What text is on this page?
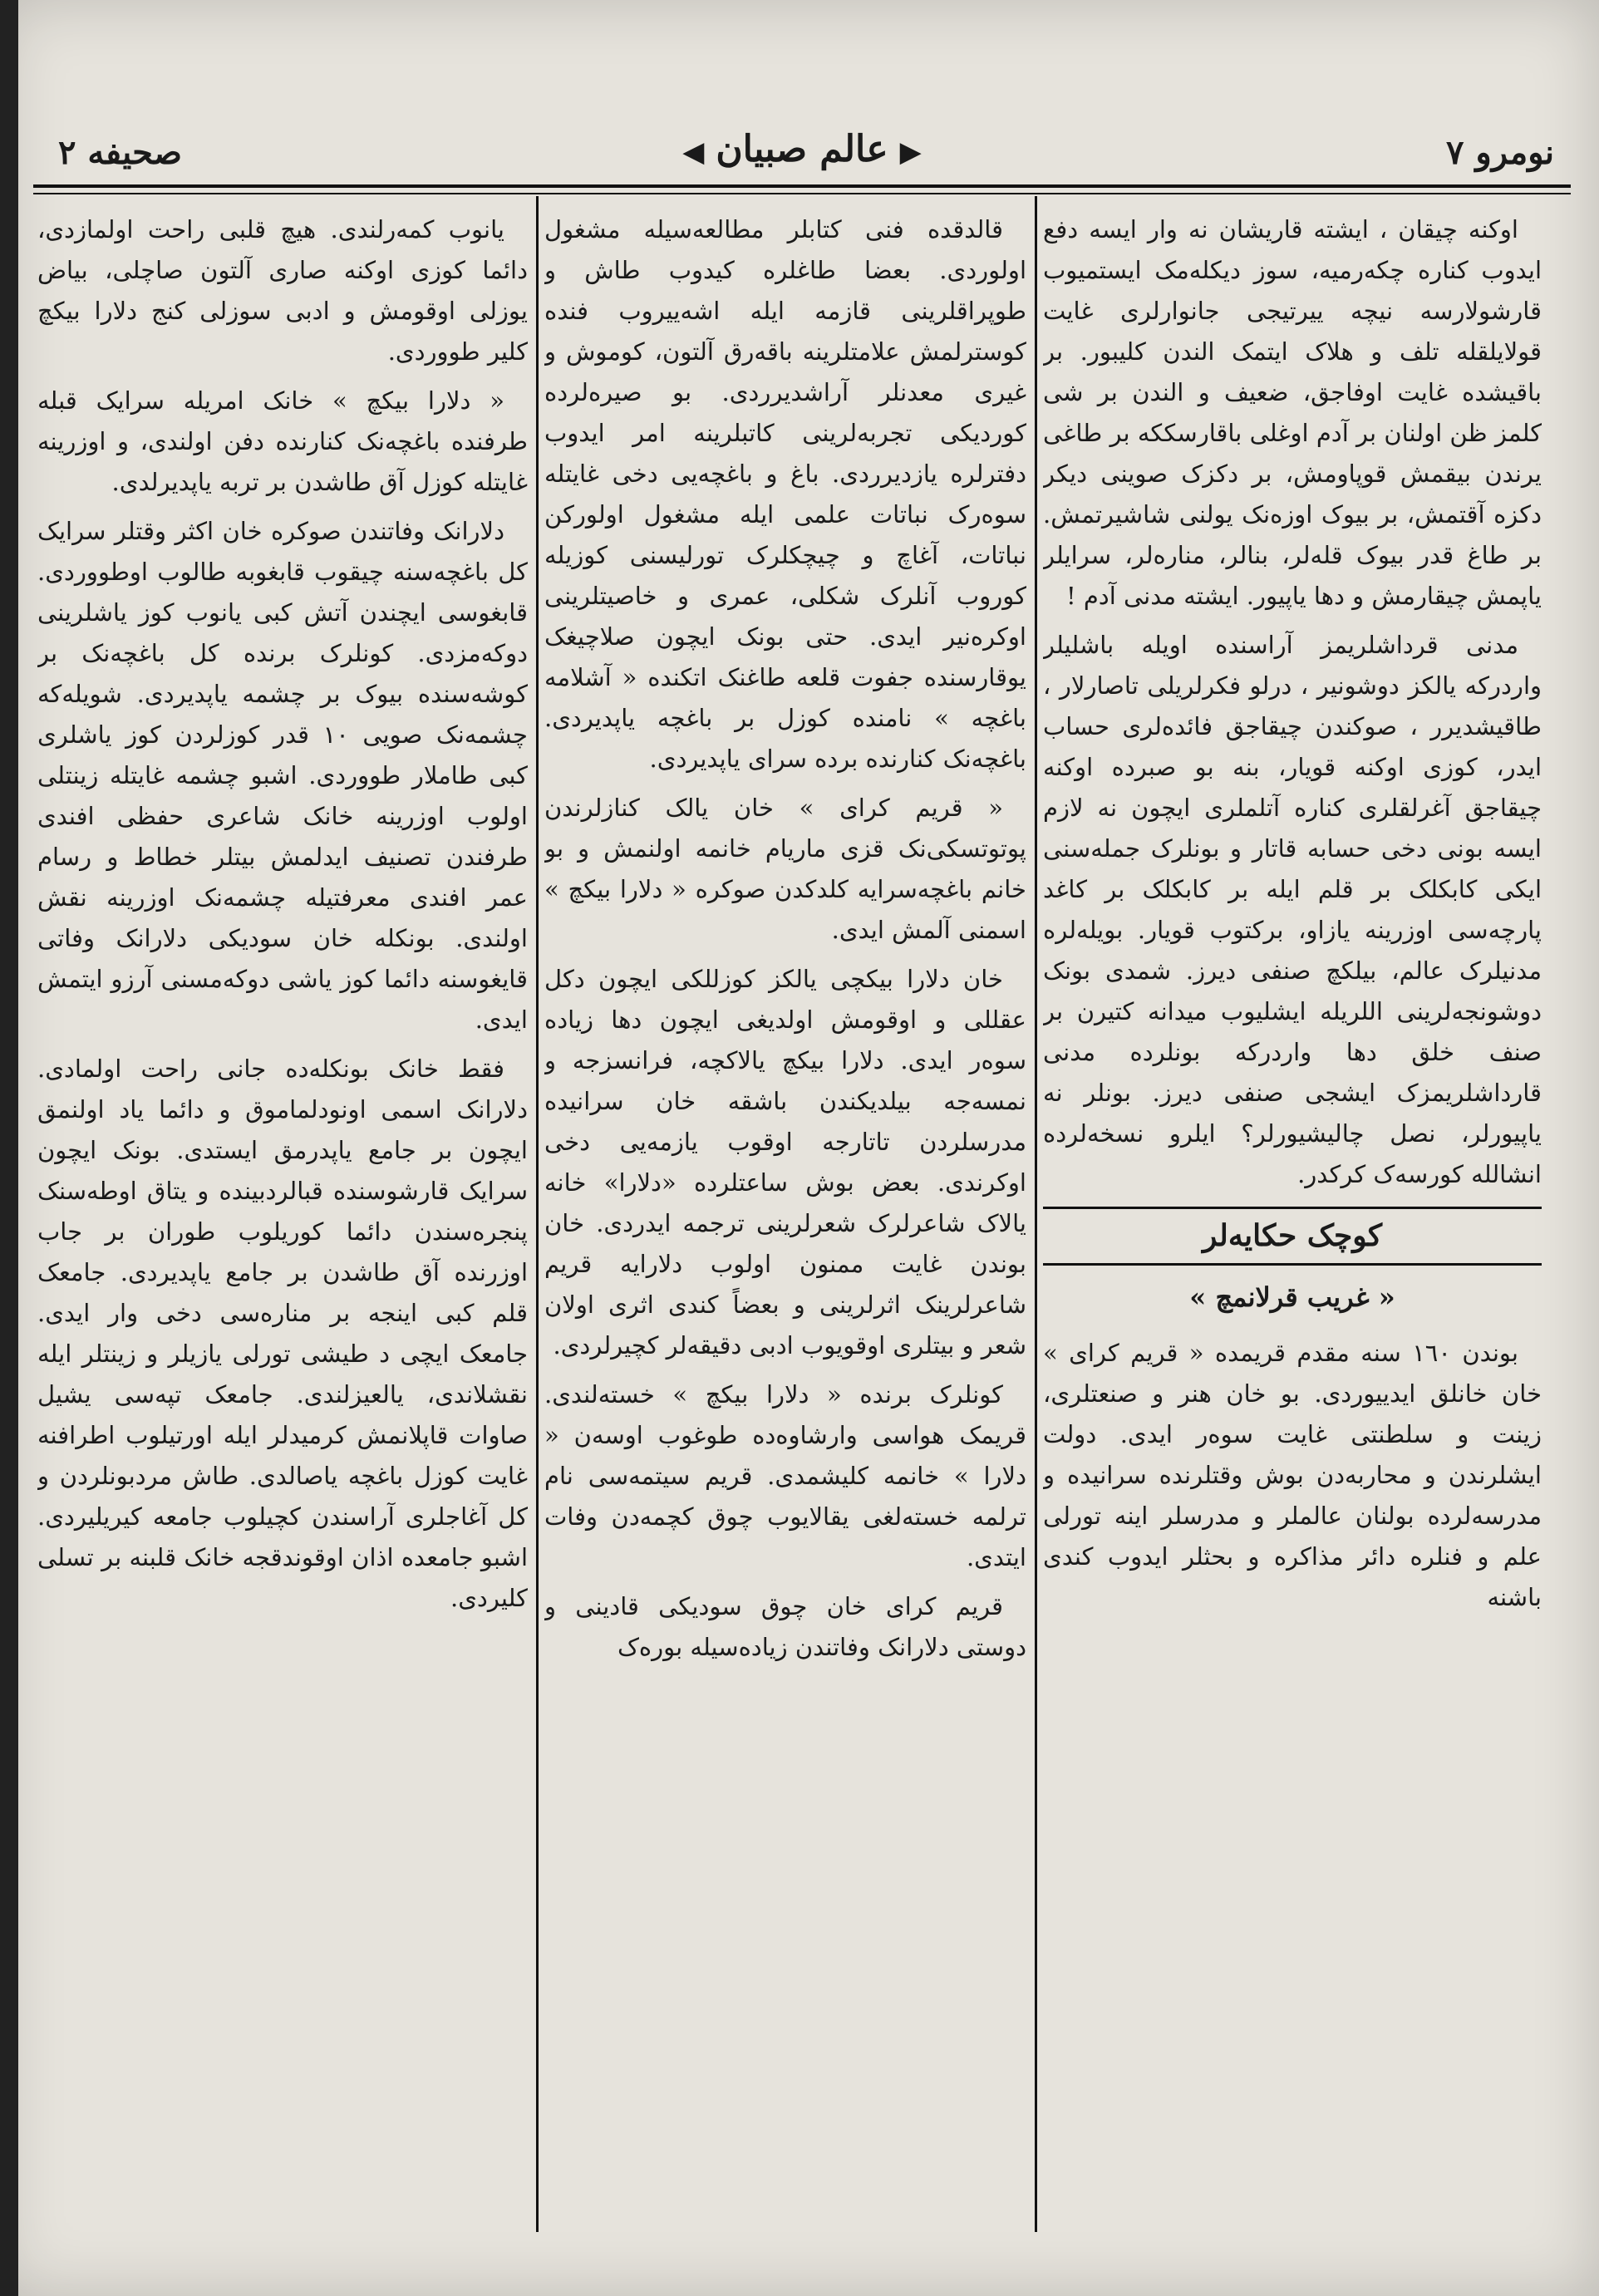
نومرو ۷
▶عالم صبیان◀
صحیفه ۲

اوکنه چیقان ، ایشته قاریشان نه وار ایسه دفع ایدوب کناره چکه‌رمیه، سوز دیکله‌مک ایستمیوب قارشولارسه نیچه ییرتیجی جانوارلری غایت قولایلقله تلف و هلاک ایتمک الندن کلیبور. بر باقیشده غایت اوفاجق، ضعیف و الندن بر شی کلمز ظن اولنان بر آدم اوغلی باقارسککه بر طاغی یرندن بیقمش قوپاومش، بر دکزک صوینی دیکر دکزه آقتمش، بر بیوک اوزه‌نک یولنی شاشیرتمش. بر طاغ قدر بیوک قله‌لر، بنالر، مناره‌لر، سرایلر یاپمش چیقارمش و دها یاپیور. ایشته مدنی آدم !

مدنی قرداشلریمز آراسنده اویله باشلیلر واردرکه یالکز دوشونیر ، درلو فکرلریلی تاصارلار ، طاقیشدیرر ، صوکندن چیقاجق فائده‌لری حساب ایدر، کوزی اوکنه قویار، بنه بو صبرده اوکنه چیقاجق آغرلقلری کناره آتلملری ایچون نه لازم ایسه بونی دخی حسابه قاتار و بونلرک جمله‌سنی ایکی کابکلک بر قلم ایله بر کابکلک بر کاغد پارچه‌سی اوزرینه یازاو، برکتوب قویار. بویله‌لره مدنیلرک عالم، بیلکچ صنفی دیرز. شمدی بونک دوشونجه‌لرینی اللریله ایشلیوب میدانه کتیرن بر صنف خلق دها واردرکه بونلرده مدنی قارداشلریمزک ایشجی صنفی دیرز. بونلر نه یاپیورلر، نصل چالیشیورلر؟ ایلرو نسخه‌لرده انشالله کورسه‌ک کرکدر.

کوچک حکایه‌لر
« غریب قرلانمچ »

بوندن ۱٦۰ سنه مقدم قریمده « قریم کرای » خان خانلق ایدییوردی. بو خان هنر و صنعتلری، زینت و سلطنتی غایت سوه‌ر ایدی. دولت ایشلرندن و محاربه‌دن بوش وقتلرنده سرانیده و مدرسه‌لرده بولنان عالملر و مدرسلر اینه تورلی علم و فنلره دائر مذاکره و بحثلر ایدوب کندی باشنه

قالدقده فنی کتابلر مطالعه‌سیله مشغول اولوردی. بعضا طاغلره کیدوب طاش و طوپراقلرینی قازمه ایله اشه‌ییروب فنده کوسترلمش علامتلرینه باقه‌رق آلتون، کوموش و غیری معدنلر آراشدیرردی. بو صیره‌لرده کوردیکی تجربه‌لرینی کاتبلرینه امر ایدوب دفترلره یازدیرردی. باغ و باغچه‌یی دخی غایتله سوه‌رک نباتات علمی ایله مشغول اولورکن نباتات، آغاچ و چیچکلرک تورلیسنی کوزیله کوروب آنلرک شکلی، عمری و خاصیتلرینی اوکره‌نیر ایدی. حتی بونک ایچون صلاچیغک یوقارسنده جفوت قلعه طاغنک اتکنده « آشلامه باغچه » نامنده کوزل بر باغچه یاپدیردی. باغچه‌نک کنارنده برده سرای یاپدیردی.

« قریم کرای » خان یالک کنازلرندن پوتوتسکی‌نک قزی ماریام خانمه اولنمش و بو خانم باغچه‌سرایه کلدکدن صوکره « دلارا بیکچ » اسمنی آلمش ایدی.

خان دلارا بیکچی یالکز کوزللکی ایچون دکل عقللی و اوقومش اولدیغی ایچون دها زیاده سوه‌ر ایدی. دلارا بیکچ یالاکچه، فرانسزجه و نمسه‌جه بیلدیکندن باشقه خان سرانیده مدرسلردن تاتارجه اوقوب یازمه‌یی دخی اوکرندی. بعض بوش ساعتلرده «دلارا» خانه یالاک شاعرلرک شعرلرینی ترجمه ایدردی. خان بوندن غایت ممنون اولوب دلارایه قریم شاعرلرینک اثرلرینی و بعضاً کندی اثری اولان شعر و بیتلری اوقویوب ادبی دقیقه‌لر کچیرلردی.

کونلرک برنده « دلارا بیکچ » خسته‌لندی. قریمک هواسی وارشاوه‌ده طوغوب اوسه‌ن « دلارا » خانمه کلیشمدی. قریم سیتمه‌سی نام ترلمه خسته‌لغی یقالایوب چوق کچمه‌دن وفات ایتدی.

قریم کرای خان چوق سودیکی قادینی و دوستی دلارانک وفاتندن زیاده‌سیله بوره‌ک

یانوب کمه‌رلندی. هیچ قلبی راحت اولمازدی، دائما کوزی اوکنه صاری آلتون صاچلی، بیاض یوزلی اوقومش و ادبی سوزلی کنج دلارا بیکچ کلیر طووردی.

« دلارا بیکچ » خانک امریله سرایک قبله طرفنده باغچه‌نک کنارنده دفن اولندی، و اوزرینه غایتله کوزل آق طاشدن بر تربه یاپدیرلدی.

دلارانک وفاتندن صوکره خان اکثر وقتلر سرایک کل باغچه‌سنه چیقوب قابغوبه طالوب اوطووردی. قابغوسی ایچندن آتش کبی یانوب کوز یاشلرینی دوکه‌مزدی. کونلرک برنده کل باغچه‌نک بر کوشه‌سنده بیوک بر چشمه یاپدیردی. شویله‌که چشمه‌نک صویی ۱۰ قدر کوزلردن کوز یاشلری کبی طاملار طووردی. اشبو چشمه غایتله زینتلی اولوب اوزرینه خانک شاعری حفظی افندی طرفندن تصنیف ایدلمش بیتلر خطاط و رسام عمر افندی معرفتیله چشمه‌نک اوزرینه نقش اولندی. بونکله خان سودیکی دلارانک وفاتی قایغوسنه دائما کوز یاشی دوکه‌مسنی آرزو ایتمش ایدی.

فقط خانک بونکله‌ده جانی راحت اولمادی. دلارانک اسمی اونودلماموق و دائما یاد اولنمق ایچون بر جامع یاپدرمق ایستدی. بونک ایچون سرایک قارشوسنده قبالردبینده و یتاق اوطه‌سنک پنجره‌سندن دائما کوریلوب طوران بر جاب اوزرنده آق طاشدن بر جامع یاپدیردی. جامعک قلم کبی اینجه بر مناره‌سی دخی وار ایدی. جامعک ایچی د طیشی تورلی یازیلر و زینتلر ایله نقشلاندی، یالعیزلندی. جامعک تپه‌سی یشیل صاوات قاپلانمش کرمیدلر ایله اورتیلوب اطرافنه غایت کوزل باغچه یاصالدی. طاش مردبونلردن و کل آغاجلری آراسندن کچیلوب جامعه کیریلیردی. اشبو جامعده اذان اوقوندقجه خانک قلبنه بر تسلی کلیردی.
